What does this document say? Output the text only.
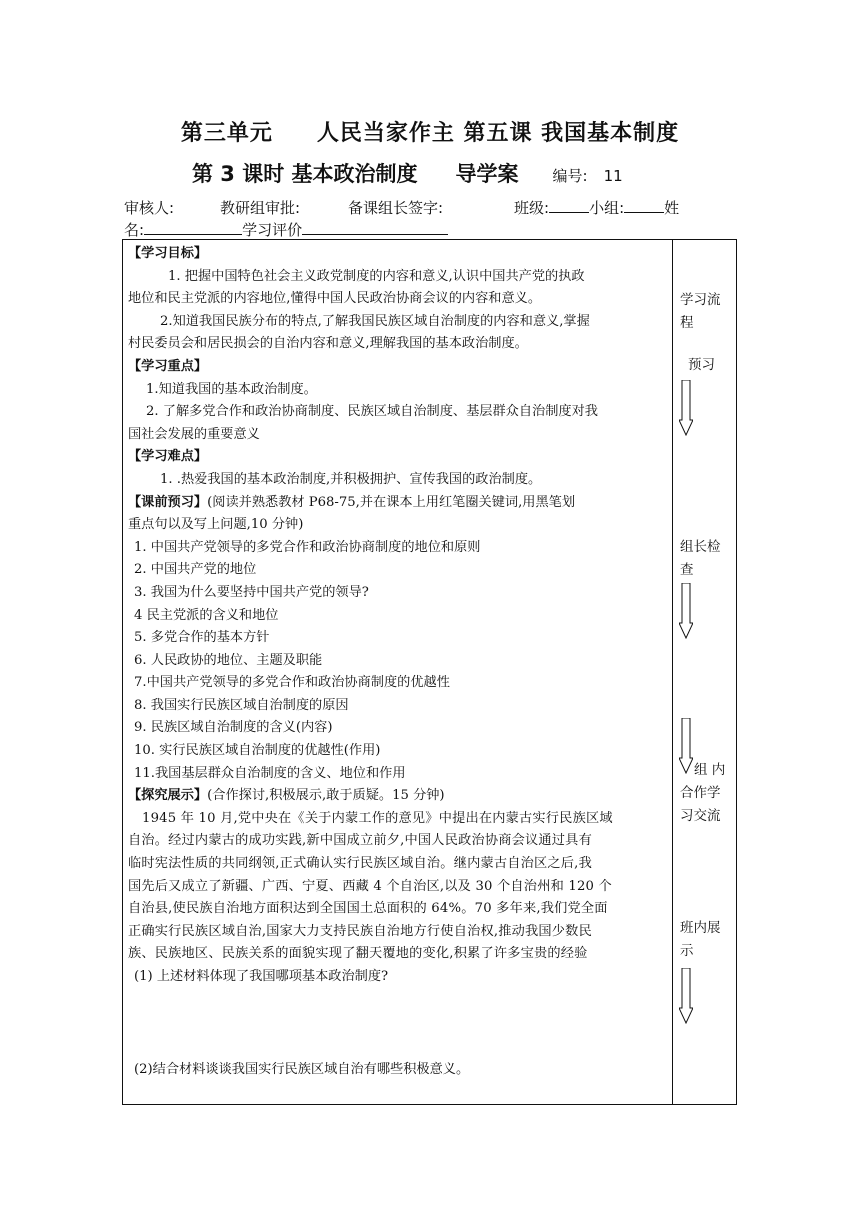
第三单元 人民当家作主 第五课 我国基本制度
第 3 课时 基本政治制度 导学案 编号: 11
审核人:	教研组审批:	备课组长签字:	班级:	小组:	姓
名:	学习评价

【学习目标】

1. 把握中国特色社会主义政党制度的内容和意义,认识中国共产党的执政

地位和民主党派的内容地位,懂得中国人民政治协商会议的内容和意义。

2.知道我国民族分布的特点,了解我国民族区域自治制度的内容和意义,掌握

村民委员会和居民损会的自治内容和意义,理解我国的基本政治制度。

【学习重点】

1.知道我国的基本政治制度。

2. 了解多党合作和政治协商制度、民族区域自治制度、基层群众自治制度对我

国社会发展的重要意义

【学习难点】

1. .热爱我国的基本政治制度,并积极拥护、宣传我国的政治制度。

【课前预习】(阅读并熟悉教材 P68-75,并在课本上用红笔圈关键词,用黑笔划

重点句以及写上问题,10 分钟)

1. 中国共产党领导的多党合作和政治协商制度的地位和原则

2. 中国共产党的地位

3. 我国为什么要坚持中国共产党的领导?

4 民主党派的含义和地位

5. 多党合作的基本方针

6. 人民政协的地位、主题及职能

7.中国共产党领导的多党合作和政治协商制度的优越性

8. 我国实行民族区域自治制度的原因

9. 民族区域自治制度的含义(内容)

10. 实行民族区域自治制度的优越性(作用)

11.我国基层群众自治制度的含义、地位和作用

【探究展示】(合作探讨,积极展示,敢于质疑。15 分钟)

1945 年 10 月,党中央在《关于内蒙工作的意见》中提出在内蒙古实行民族区域

自治。经过内蒙古的成功实践,新中国成立前夕,中国人民政治协商会议通过具有

临时宪法性质的共同纲领,正式确认实行民族区域自治。继内蒙古自治区之后,我

国先后又成立了新疆、广西、宁夏、西藏 4 个自治区,以及 30 个自治州和 120 个

自治县,使民族自治地方面积达到全国国土总面积的 64%。70 多年来,我们党全面

正确实行民族区域自治,国家大力支持民族自治地方行使自治权,推动我国少数民

族、民族地区、民族关系的面貌实现了翻天覆地的变化,积累了许多宝贵的经验

(1) 上述材料体现了我国哪项基本政治制度?

(2)结合材料谈谈我国实行民族区域自治有哪些积极意义。

学习流
程
预习
组长检
查
组 内
合作学
习交流
班内展
示
